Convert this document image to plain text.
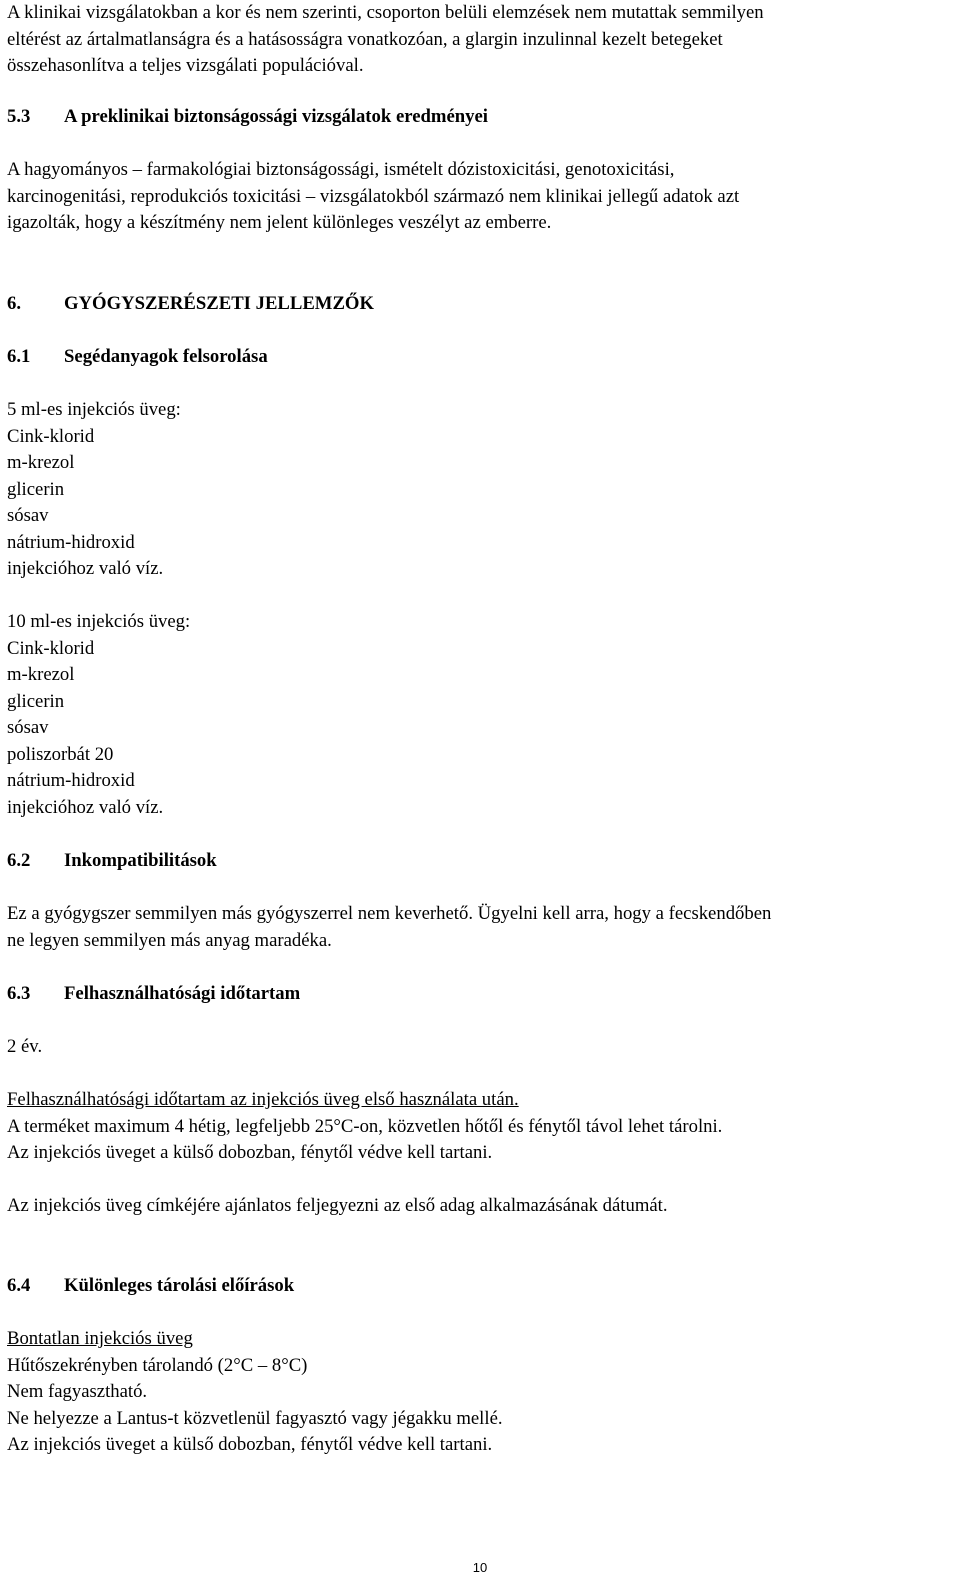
A klinikai vizsgálatokban a kor és nem szerinti, csoporton belüli elemzések nem mutattak semmilyen
eltérést az ártalmatlanságra és a hatásosságra vonatkozóan, a glargin inzulinnal kezelt betegeket
összehasonlítva a teljes vizsgálati populációval.

5.3 A preklinikai biztonságossági vizsgálatok eredményei

A hagyományos – farmakológiai biztonságossági, ismételt dózistoxicitási, genotoxicitási,
karcinogenitási, reprodukciós toxicitási – vizsgálatokból származó nem klinikai jellegű adatok azt
igazolták, hogy a készítmény nem jelent különleges veszélyt az emberre.

6. GYÓGYSZERÉSZETI JELLEMZŐK
6.1 Segédanyagok felsorolása

5 ml-es injekciós üveg:
Cink-klorid
m-krezol
glicerin
sósav
nátrium-hidroxid
injekcióhoz való víz.

10 ml-es injekciós üveg:
Cink-klorid
m-krezol
glicerin
sósav
poliszorbát 20
nátrium-hidroxid
injekcióhoz való víz.

6.2 Inkompatibilitások

Ez a gyógygszer semmilyen más gyógyszerrel nem keverhető. Ügyelni kell arra, hogy a fecskendőben
ne legyen semmilyen más anyag maradéka.

6.3 Felhasználhatósági időtartam

2 év.

Felhasználhatósági időtartam az injekciós üveg első használata után.
A terméket maximum 4 hétig, legfeljebb 25°C-on, közvetlen hőtől és fénytől távol lehet tárolni.
Az injekciós üveget a külső dobozban, fénytől védve kell tartani.

Az injekciós üveg címkéjére ajánlatos feljegyezni az első adag alkalmazásának dátumát.

6.4 Különleges tárolási előírások

Bontatlan injekciós üveg
Hűtőszekrényben tárolandó (2°C – 8°C)
Nem fagyasztható.
Ne helyezze a Lantus-t közvetlenül fagyasztó vagy jégakku mellé.
Az injekciós üveget a külső dobozban, fénytől védve kell tartani.

10
